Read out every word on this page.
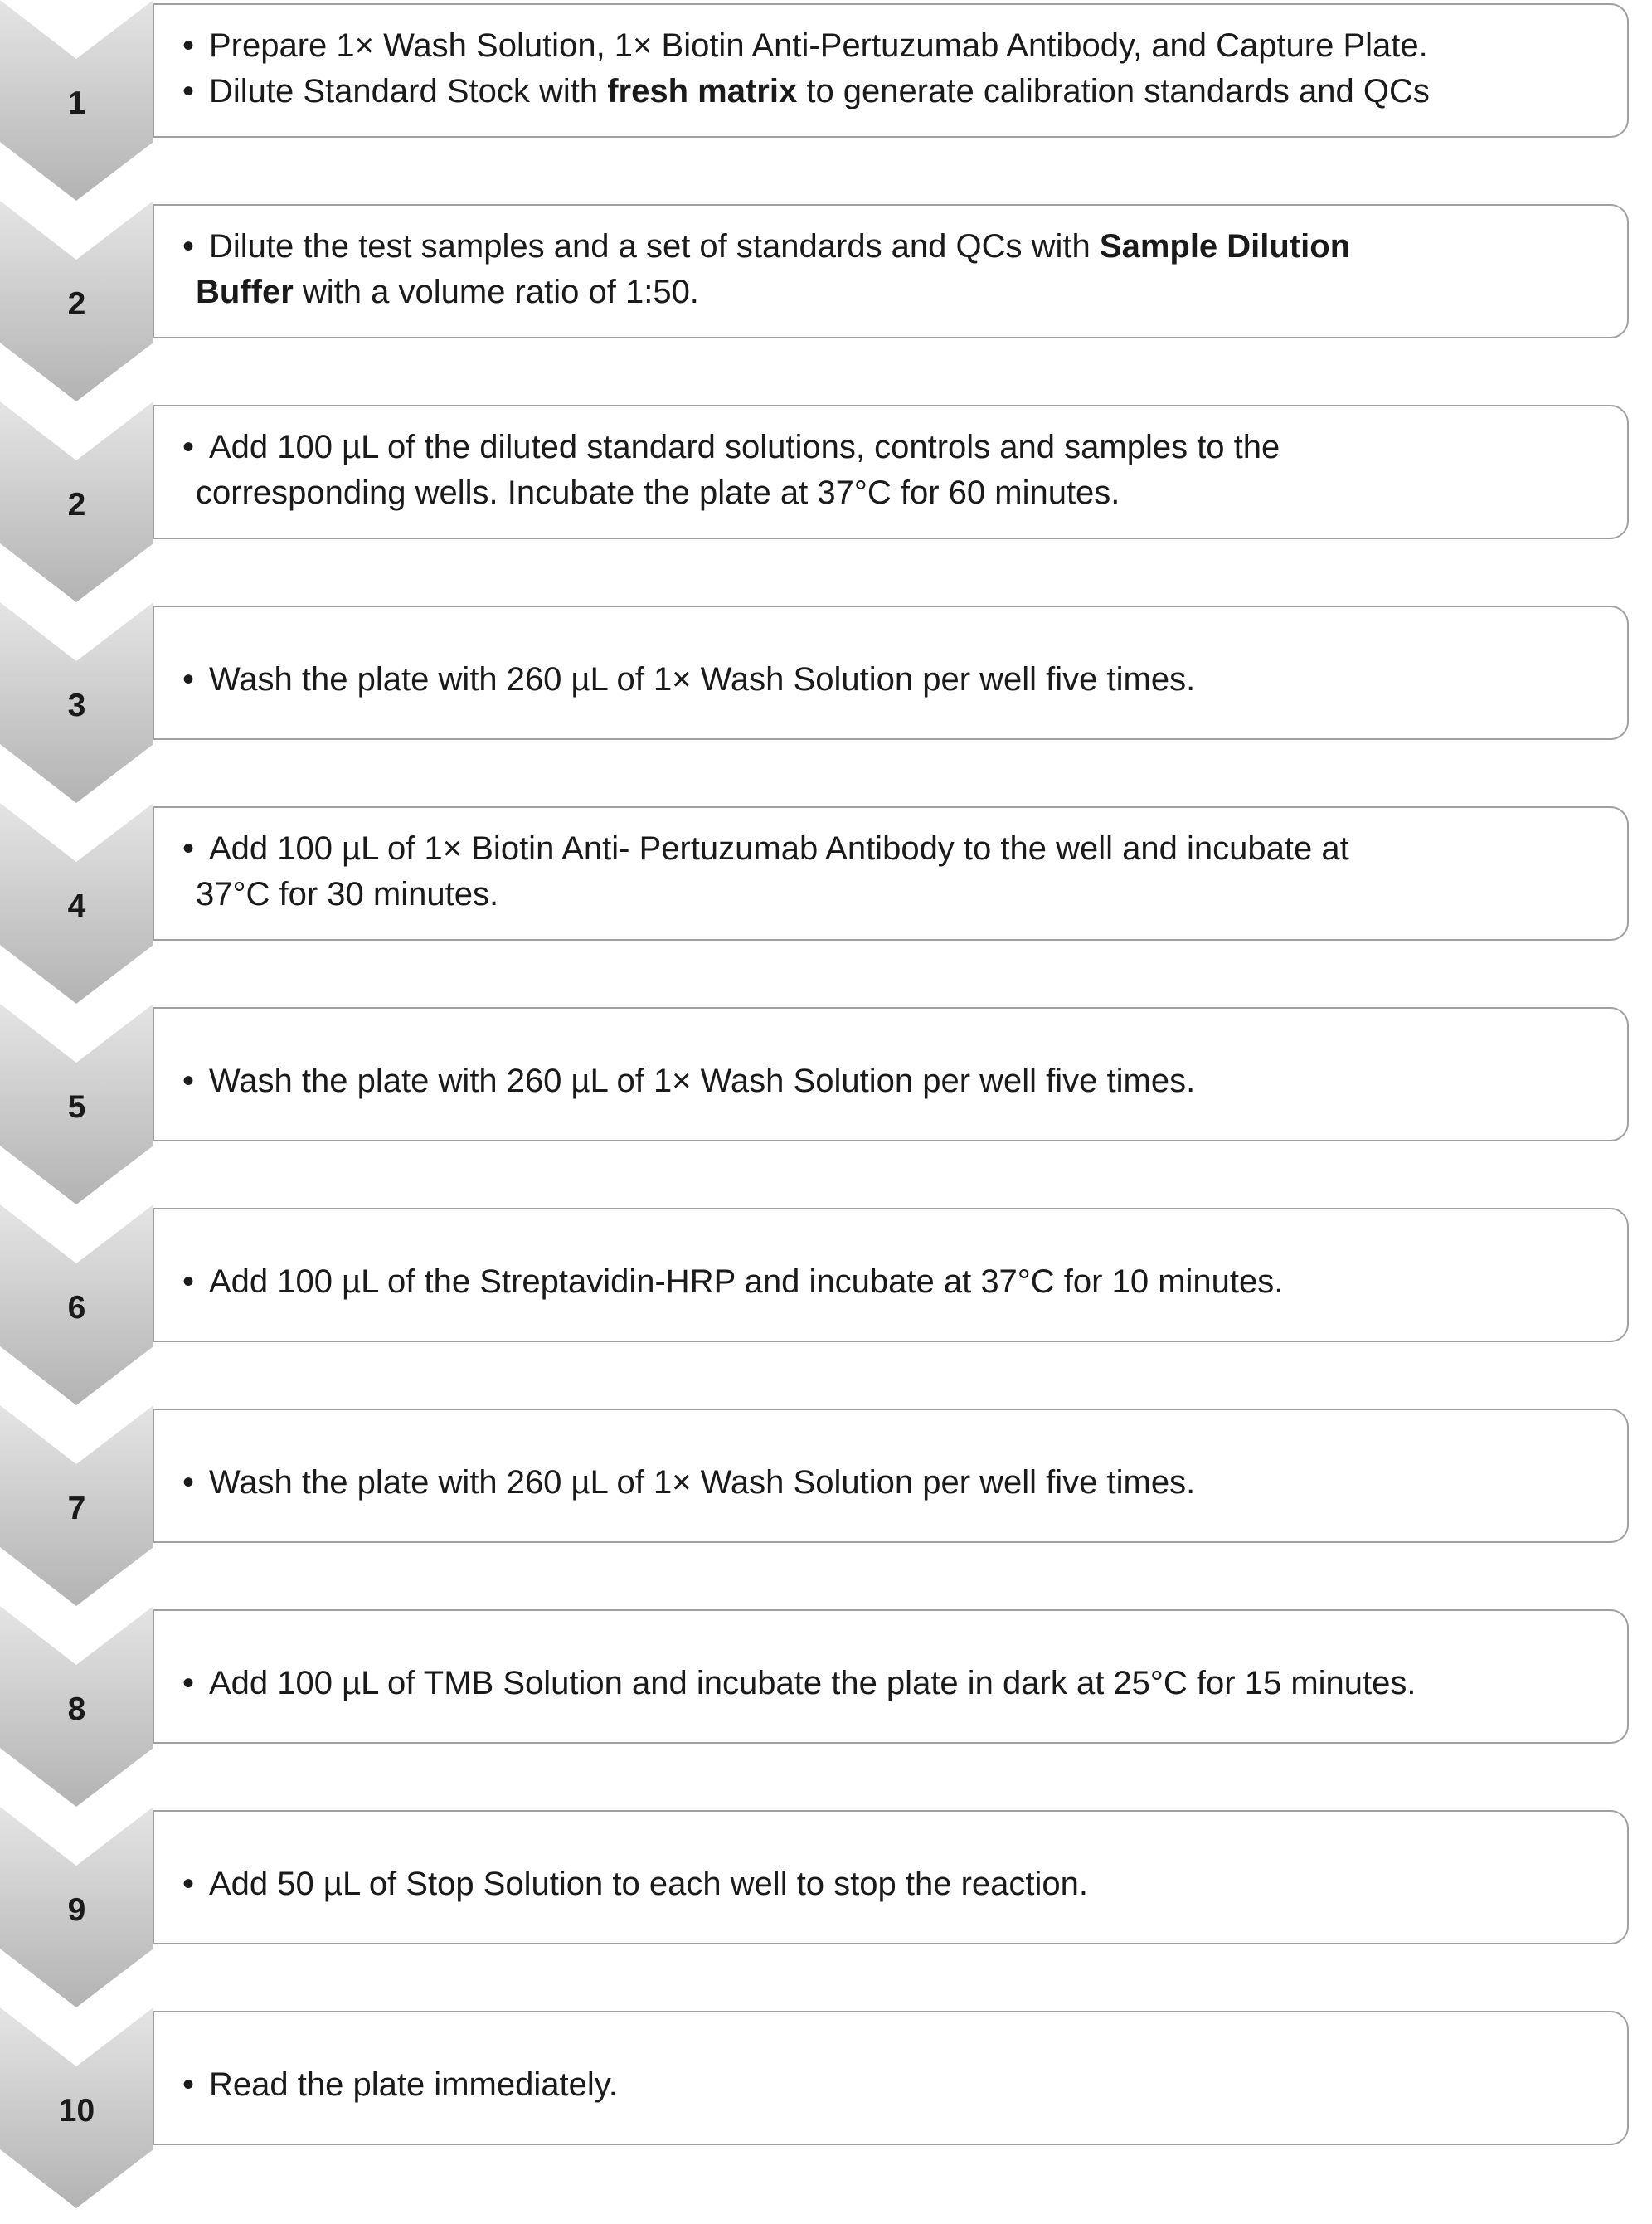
1
• Prepare 1× Wash Solution, 1× Biotin Anti-Pertuzumab Antibody, and Capture Plate.
• Dilute Standard Stock with fresh matrix to generate calibration standards and QCs
2
• Dilute the test samples and a set of standards and QCs with Sample Dilution
Buffer with a volume ratio of 1:50.
2
• Add 100 µL of the diluted standard solutions, controls and samples to the
corresponding wells. Incubate the plate at 37°C for 60 minutes.
3
• Wash the plate with 260 µL of 1× Wash Solution per well five times.
4
• Add 100 µL of 1× Biotin Anti- Pertuzumab Antibody to the well and incubate at
37°C for 30 minutes.
5
• Wash the plate with 260 µL of 1× Wash Solution per well five times.
6
• Add 100 µL of the Streptavidin-HRP and incubate at 37°C for 10 minutes.
7
• Wash the plate with 260 µL of 1× Wash Solution per well five times.
8
• Add 100 µL of TMB Solution and incubate the plate in dark at 25°C for 15 minutes.
9
• Add 50 µL of Stop Solution to each well to stop the reaction.
10
• Read the plate immediately.
